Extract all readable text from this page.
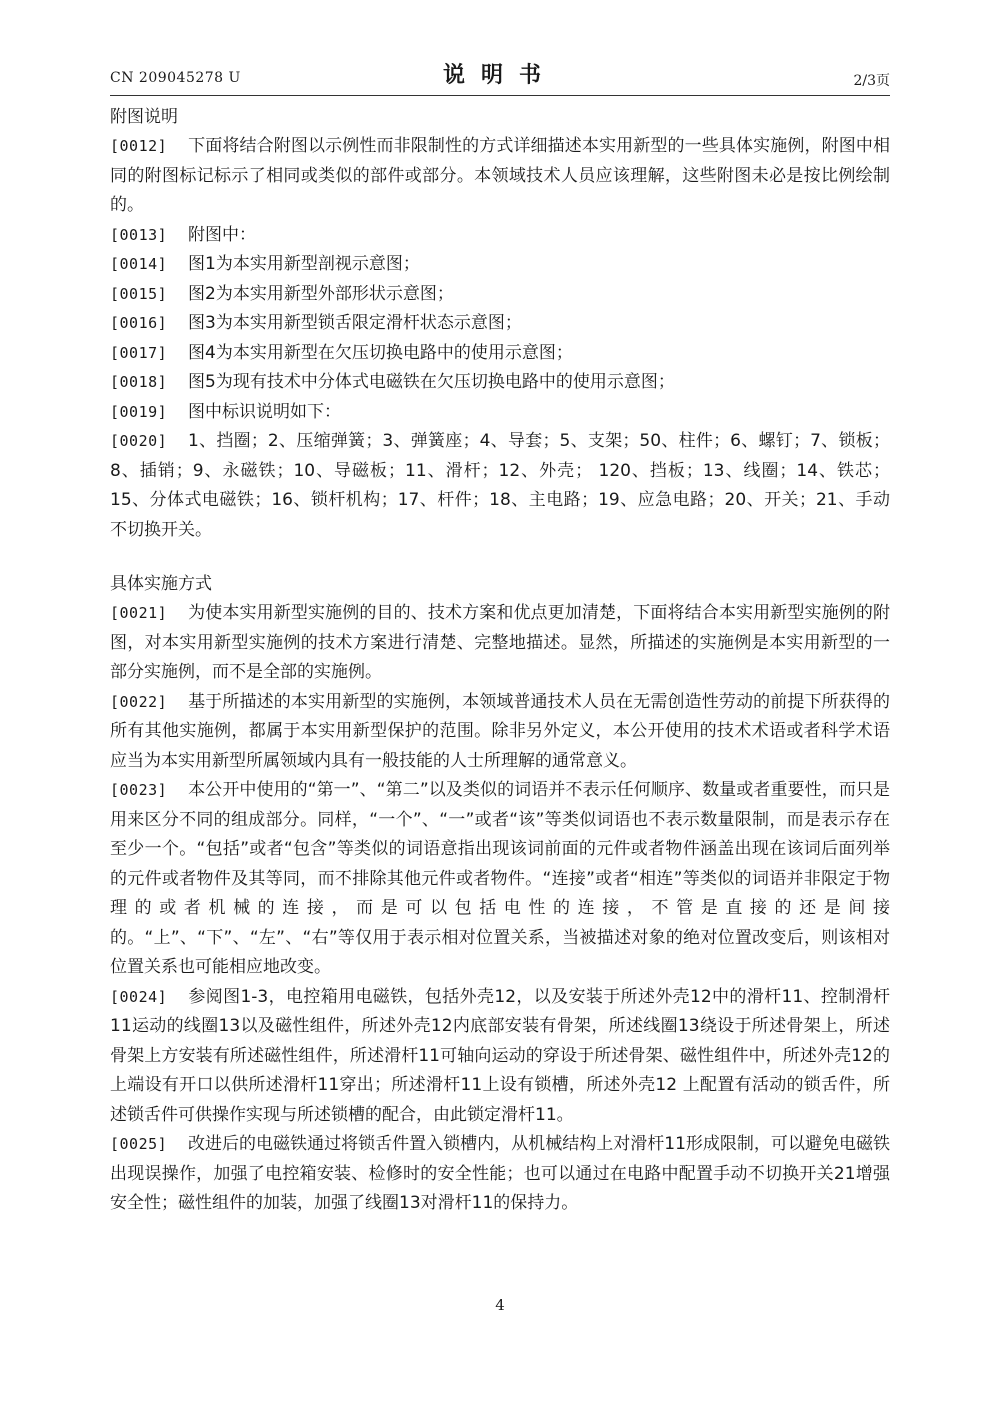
CN 209045278 U	说明书	2/3页
附图说明

[0012] 下面将结合附图以示例性而非限制性的方式详细描述本实用新型的一些具体实施例，附图中相同的附图标记标示了相同或类似的部件或部分。本领域技术人员应该理解，这些附图未必是按比例绘制的。

[0013] 附图中：

[0014] 图1为本实用新型剖视示意图；

[0015] 图2为本实用新型外部形状示意图；

[0016] 图3为本实用新型锁舌限定滑杆状态示意图；

[0017] 图4为本实用新型在欠压切换电路中的使用示意图；

[0018] 图5为现有技术中分体式电磁铁在欠压切换电路中的使用示意图；

[0019] 图中标识说明如下：

[0020] 1、挡圈；2、压缩弹簧；3、弹簧座；4、导套；5、支架；50、柱件；6、螺钉；7、锁板；8、插销；9、永磁铁；10、导磁板；11、滑杆；12、外壳； 120、挡板；13、线圈；14、铁芯；15、分体式电磁铁；16、锁杆机构；17、杆件；18、主电路；19、应急电路；20、开关；21、手动不切换开关。

具体实施方式

[0021] 为使本实用新型实施例的目的、技术方案和优点更加清楚，下面将结合本实用新型实施例的附图，对本实用新型实施例的技术方案进行清楚、完整地描述。显然，所描述的实施例是本实用新型的一部分实施例，而不是全部的实施例。

[0022] 基于所描述的本实用新型的实施例，本领域普通技术人员在无需创造性劳动的前提下所获得的所有其他实施例，都属于本实用新型保护的范围。除非另外定义，本公开使用的技术术语或者科学术语应当为本实用新型所属领域内具有一般技能的人士所理解的通常意义。

[0023] 本公开中使用的“第一”、“第二”以及类似的词语并不表示任何顺序、数量或者重要性，而只是用来区分不同的组成部分。同样，“一个”、“一”或者“该”等类似词语也不表示数量限制，而是表示存在至少一个。“包括”或者“包含”等类似的词语意指出现该词前面的元件或者物件涵盖出现在该词后面列举的元件或者物件及其等同，而不排除其他元件或者物件。“连接”或者“相连”等类似的词语并非限定于物理的或者机械的连接，而是可以包括电性的连接，不管是直接的还是间接的。“上”、“下”、“左”、“右”等仅用于表示相对位置关系，当被描述对象的绝对位置改变后，则该相对位置关系也可能相应地改变。

[0024] 参阅图1-3，电控箱用电磁铁，包括外壳12，以及安装于所述外壳12中的滑杆11、控制滑杆11运动的线圈13以及磁性组件，所述外壳12内底部安装有骨架，所述线圈13绕设于所述骨架上，所述骨架上方安装有所述磁性组件，所述滑杆11可轴向运动的穿设于所述骨架、磁性组件中，所述外壳12的上端设有开口以供所述滑杆11穿出；所述滑杆11上设有锁槽，所述外壳12 上配置有活动的锁舌件，所述锁舌件可供操作实现与所述锁槽的配合，由此锁定滑杆11。

[0025] 改进后的电磁铁通过将锁舌件置入锁槽内，从机械结构上对滑杆11形成限制，可以避免电磁铁出现误操作，加强了电控箱安装、检修时的安全性能；也可以通过在电路中配置手动不切换开关21增强安全性；磁性组件的加装，加强了线圈13对滑杆11的保持力。

4
